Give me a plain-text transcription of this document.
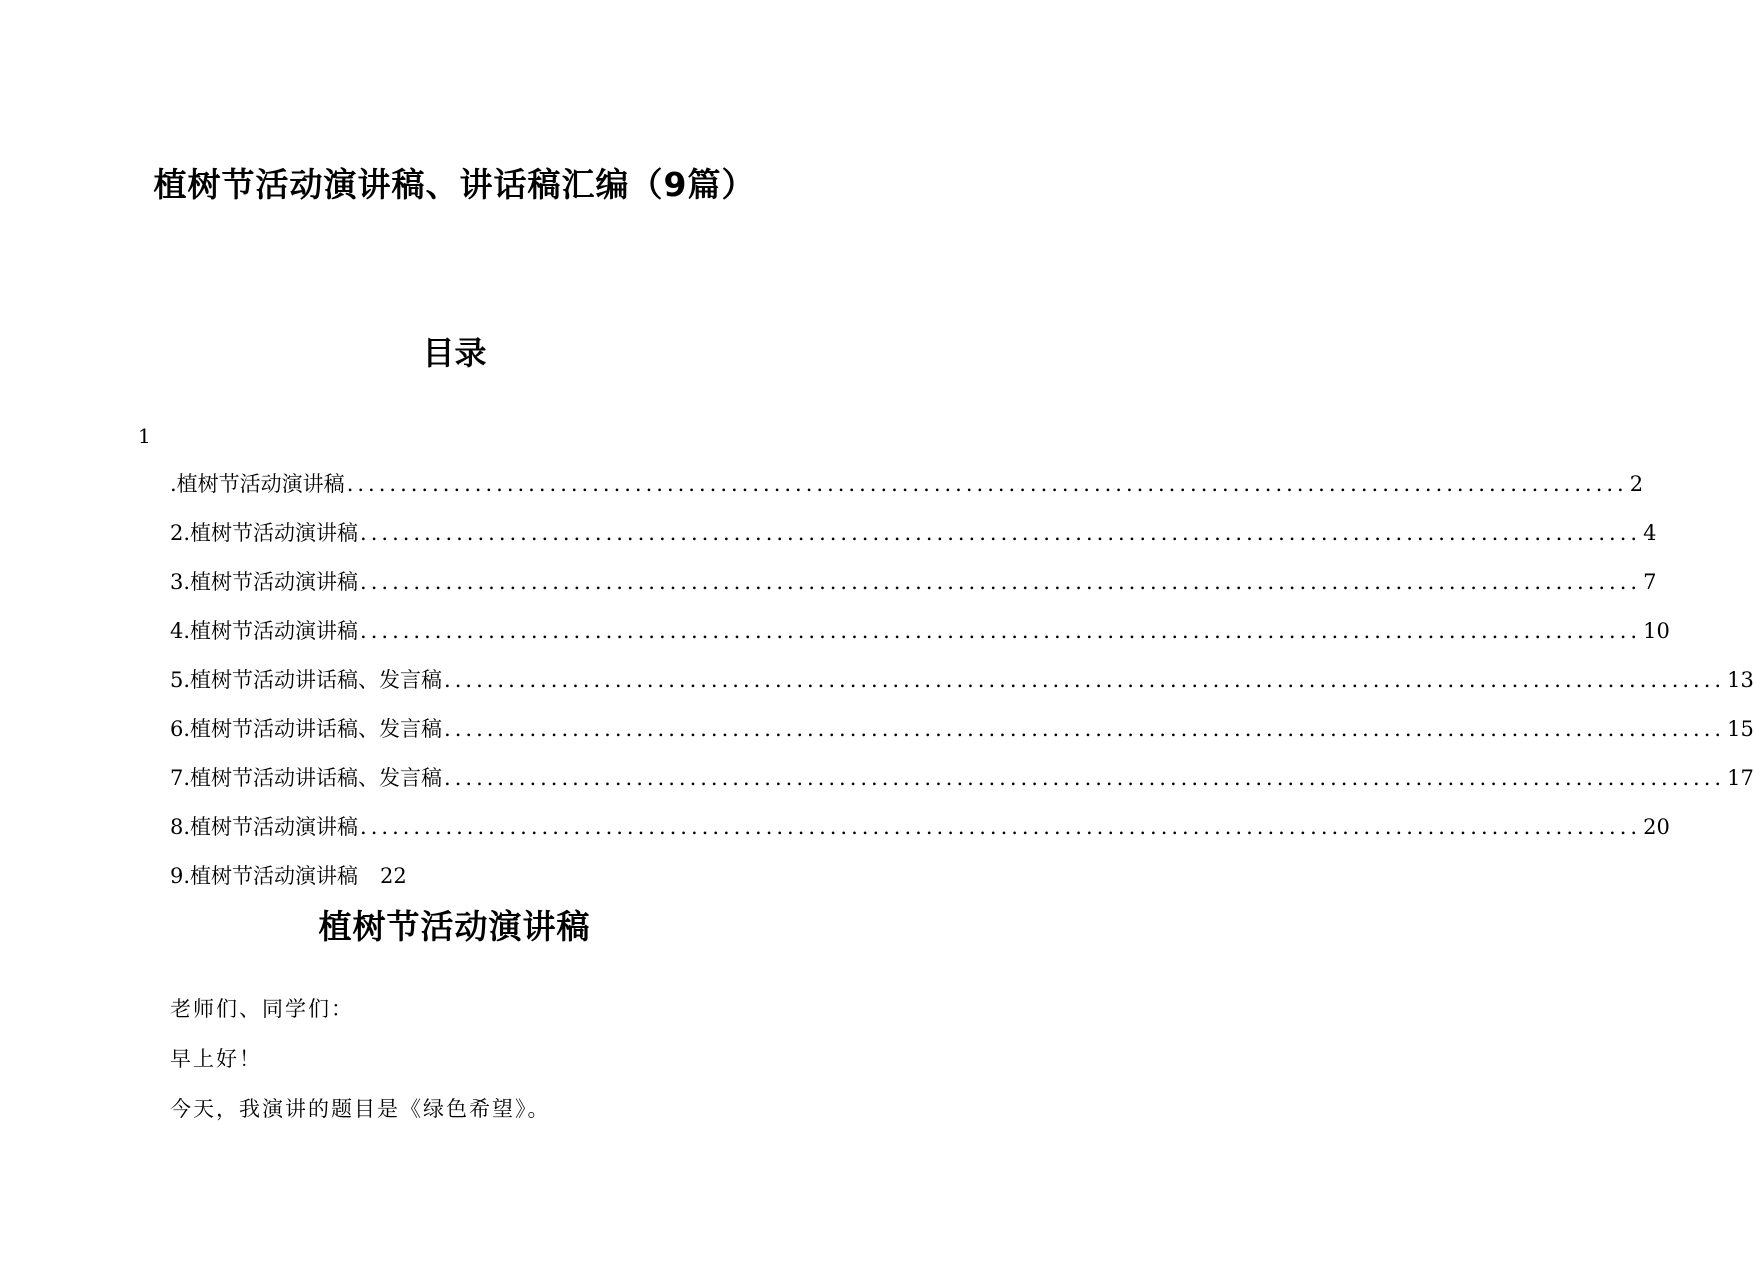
植树节活动演讲稿、讲话稿汇编（9篇）
目录
1
.植树节活动演讲稿 ........................................................................................................................ 2
2.植树节活动演讲稿 ........................................................................................................................ 4
3.植树节活动演讲稿 ........................................................................................................................ 7
4.植树节活动演讲稿 ........................................................................................................................ 10
5.植树节活动讲话稿、发言稿 ........................................................................................................................ 13
6.植树节活动讲话稿、发言稿 ........................................................................................................................ 15
7.植树节活动讲话稿、发言稿 ........................................................................................................................ 17
8.植树节活动演讲稿 ........................................................................................................................ 20
9.植树节活动演讲稿 22
植树节活动演讲稿

老师们、同学们：

早上好！

今天，我演讲的题目是《绿色希望》。
